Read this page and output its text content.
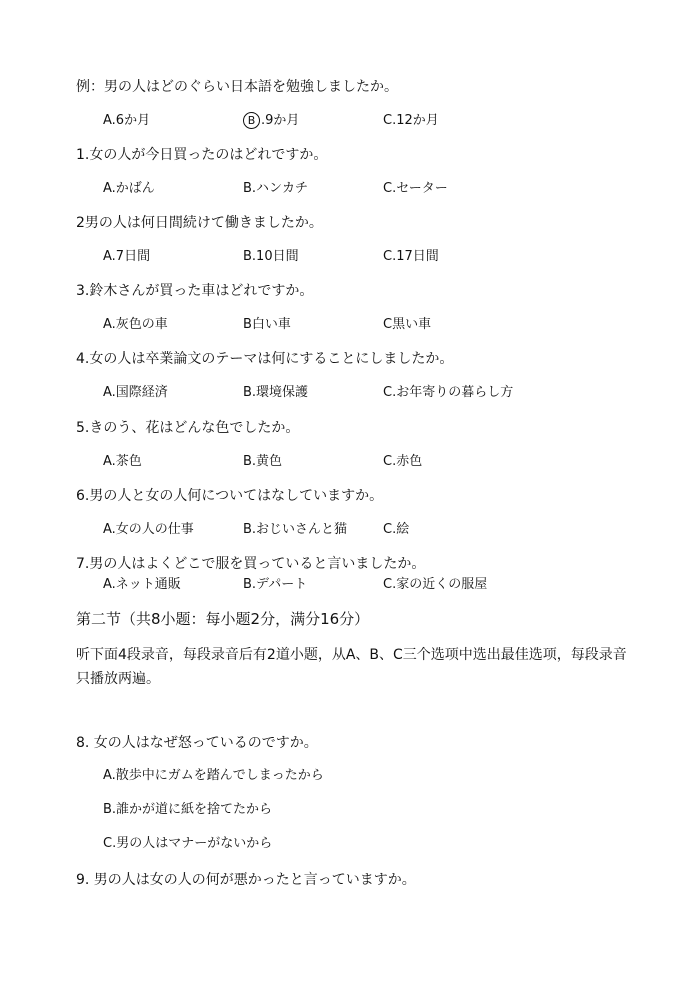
例：男の人はどのぐらい日本語を勉強しましたか。
A.6か月	B .9か月	C.12か月
1.女の人が今日買ったのはどれですか。
A.かばん	B.ハンカチ	C.セーター
2男の人は何日間続けて働きましたか。
A.7日間	B.10日間	C.17日間
3.鈴木さんが買った車はどれですか。
A.灰色の車	B白い車	C黒い車
4.女の人は卒業論文のテーマは何にすることにしましたか。
A.国際経済	B.環境保護	C.お年寄りの暮らし方
5.きのう、花はどんな色でしたか。
A.茶色	B.黄色	C.赤色
6.男の人と女の人何についてはなしていますか。
A.女の人の仕事	B.おじいさんと猫	C.絵
7.男の人はよくどこで服を買っていると言いましたか。
A.ネット通販	B.デパート	C.家の近くの服屋
第二节（共8小题：每小题2分，满分16分）
听下面4段录音，每段录音后有2道小题，从A、B、C三个选项中选出最佳选项，每段录音只播放两遍。
8. 女の人はなぜ怒っているのですか。
A.散歩中にガムを踏んでしまったから
B.誰かが道に紙を捨てたから
C.男の人はマナーがないから
9. 男の人は女の人の何が悪かったと言っていますか。
